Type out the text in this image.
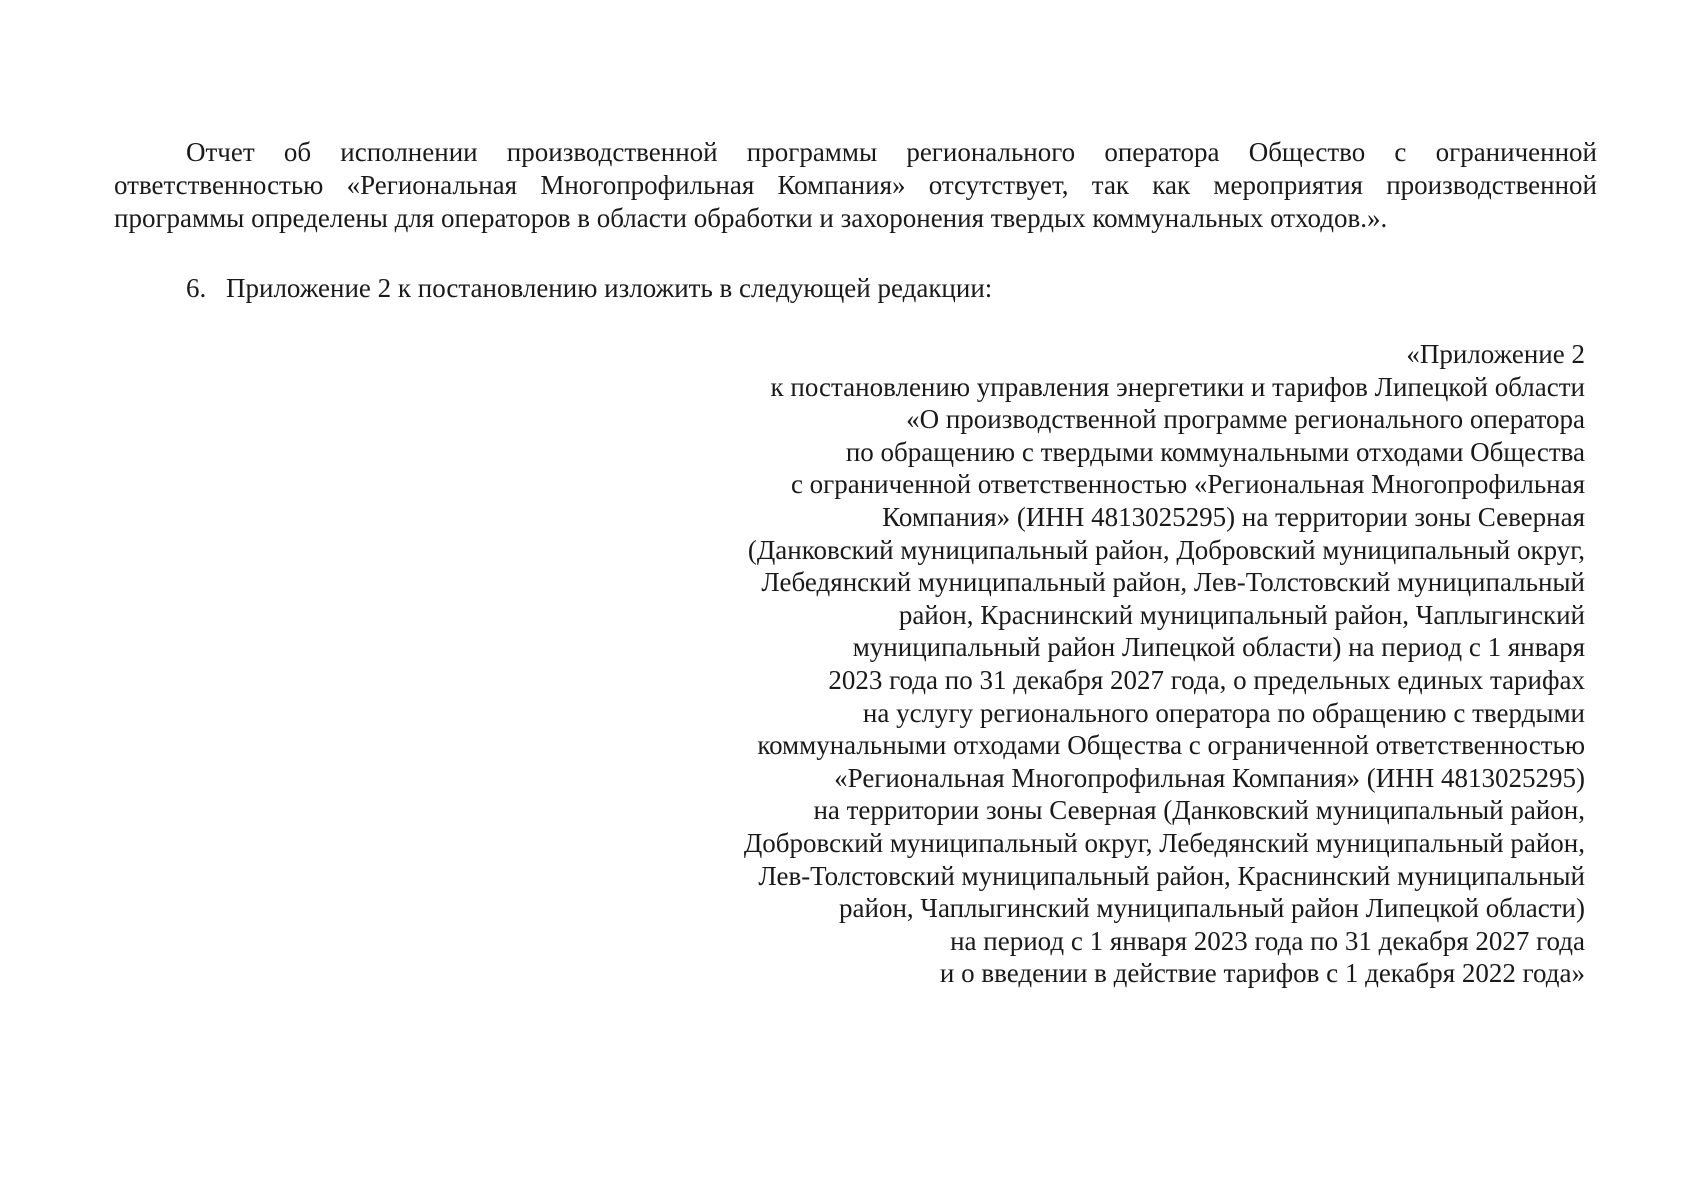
Отчет об исполнении производственной программы регионального оператора Общество с ограниченной ответственностью «Региональная Многопрофильная Компания» отсутствует, так как мероприятия производственной программы определены для операторов в области обработки и захоронения твердых коммунальных отходов.».

6. Приложение 2 к постановлению изложить в следующей редакции:

«Приложение 2
к постановлению управления энергетики и тарифов Липецкой области
«О производственной программе регионального оператора
по обращению с твердыми коммунальными отходами Общества
с ограниченной ответственностью «Региональная Многопрофильная
Компания» (ИНН 4813025295) на территории зоны Северная
(Данковский муниципальный район, Добровский муниципальный округ,
Лебедянский муниципальный район, Лев-Толстовский муниципальный
район, Краснинский муниципальный район, Чаплыгинский
муниципальный район Липецкой области) на период с 1 января
2023 года по 31 декабря 2027 года, о предельных единых тарифах
на услугу регионального оператора по обращению с твердыми
коммунальными отходами Общества с ограниченной ответственностью
«Региональная Многопрофильная Компания» (ИНН 4813025295)
на территории зоны Северная (Данковский муниципальный район,
Добровский муниципальный округ, Лебедянский муниципальный район,
Лев-Толстовский муниципальный район, Краснинский муниципальный
район, Чаплыгинский муниципальный район Липецкой области)
на период с 1 января 2023 года по 31 декабря 2027 года
и о введении в действие тарифов с 1 декабря 2022 года»
